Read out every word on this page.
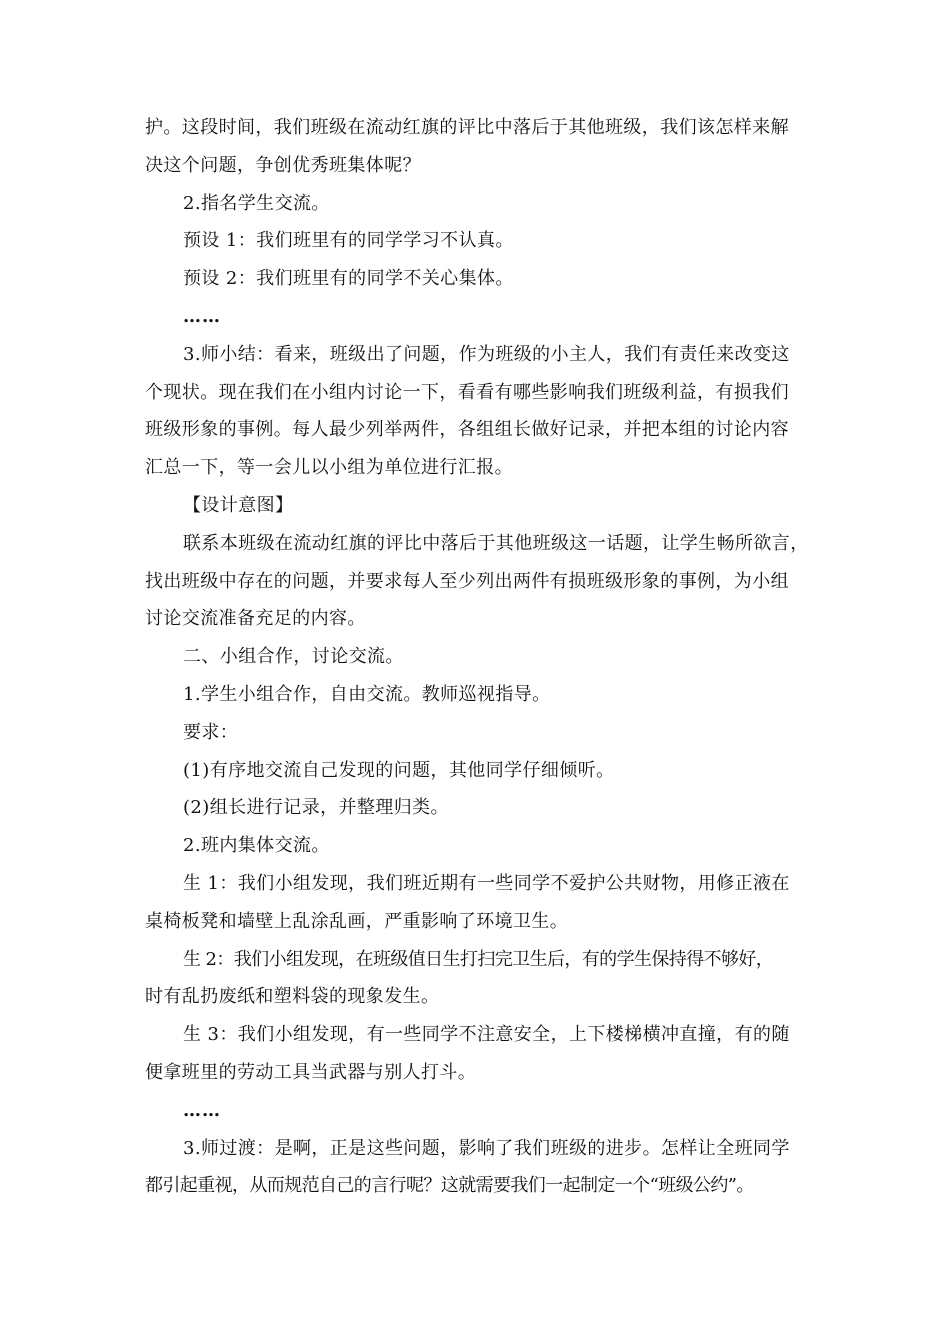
护。这段时间，我们班级在流动红旗的评比中落后于其他班级，我们该怎样来解
决这个问题，争创优秀班集体呢？
2.指名学生交流。
预设 1：我们班里有的同学学习不认真。
预设 2：我们班里有的同学不关心集体。
……
3.师小结：看来，班级出了问题，作为班级的小主人，我们有责任来改变这
个现状。现在我们在小组内讨论一下，看看有哪些影响我们班级利益，有损我们
班级形象的事例。每人最少列举两件，各组组长做好记录，并把本组的讨论内容
汇总一下，等一会儿以小组为单位进行汇报。
【设计意图】
联系本班级在流动红旗的评比中落后于其他班级这一话题，让学生畅所欲言，
找出班级中存在的问题，并要求每人至少列出两件有损班级形象的事例，为小组
讨论交流准备充足的内容。
二、小组合作，讨论交流。
1.学生小组合作，自由交流。教师巡视指导。
要求：
(1)有序地交流自己发现的问题，其他同学仔细倾听。
(2)组长进行记录，并整理归类。
2.班内集体交流。
生 1：我们小组发现，我们班近期有一些同学不爱护公共财物，用修正液在
桌椅板凳和墙壁上乱涂乱画，严重影响了环境卫生。
生 2：我们小组发现，在班级值日生打扫完卫生后，有的学生保持得不够好，
时有乱扔废纸和塑料袋的现象发生。
生 3：我们小组发现，有一些同学不注意安全，上下楼梯横冲直撞，有的随
便拿班里的劳动工具当武器与别人打斗。
……
3.师过渡：是啊，正是这些问题，影响了我们班级的进步。怎样让全班同学
都引起重视，从而规范自己的言行呢？这就需要我们一起制定一个“班级公约”。
